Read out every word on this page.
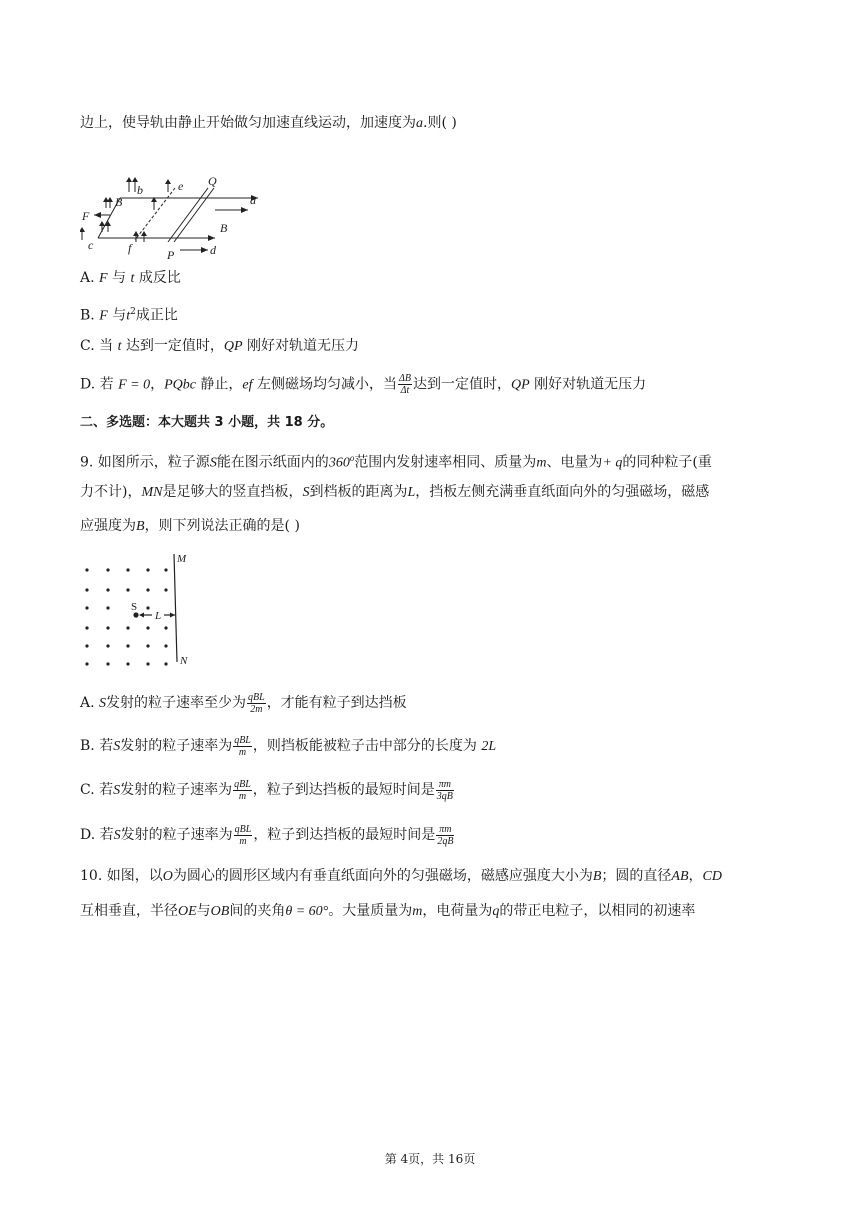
边上，使导轨由静止开始做匀加速直线运动，加速度为a.则( )
F
B
b	e Q
a
B
c	f	P	d
A. F 与 t 成反比
B. F 与$t^2$成正比
C. 当 t 达到一定值时，QP 刚好对轨道无压力
D. 若 F = 0，PQbc 静止，ef 左侧磁场均匀减小，当 $\frac{\Delta B}{\Delta t}$ 达到一定值时，QP 刚好对轨道无压力
二、多选题：本大题共 3 小题，共 18 分。
9. 如图所示，粒子源S能在图示纸面内的360$^o$范围内发射速率相同、质量为m、电量为+ q的同种粒子(重
力不计)，MN是足够大的竖直挡板，S到档板的距离为L，挡板左侧充满垂直纸面向外的匀强磁场，磁感
应强度为B，则下列说法正确的是( )
M
N
S
L
A. S发射的粒子速率至少为 $\frac{\text{qBL}}{2m}$ ，才能有粒子到达挡板
B. 若S发射的粒子速率为 $\frac{\text{qBL}}{m}$ ，则挡板能被粒子击中部分的长度为 2L
C. 若S发射的粒子速率为 $\frac{\text{qBL}}{m}$ ，粒子到达挡板的最短时间是 $\frac{\pi m}{3qB}$
D. 若S发射的粒子速率为 $\frac{\text{qBL}}{m}$ ，粒子到达挡板的最短时间是 $\frac{\pi m}{2qB}$
10. 如图，以O为圆心的圆形区域内有垂直纸面向外的匀强磁场，磁感应强度大小为B；圆的直径AB，CD
互相垂直，半径OE与OB间的夹角θ = 60°。大量质量为m，电荷量为q的带正电粒子，以相同的初速率
第 4页，共 16页
